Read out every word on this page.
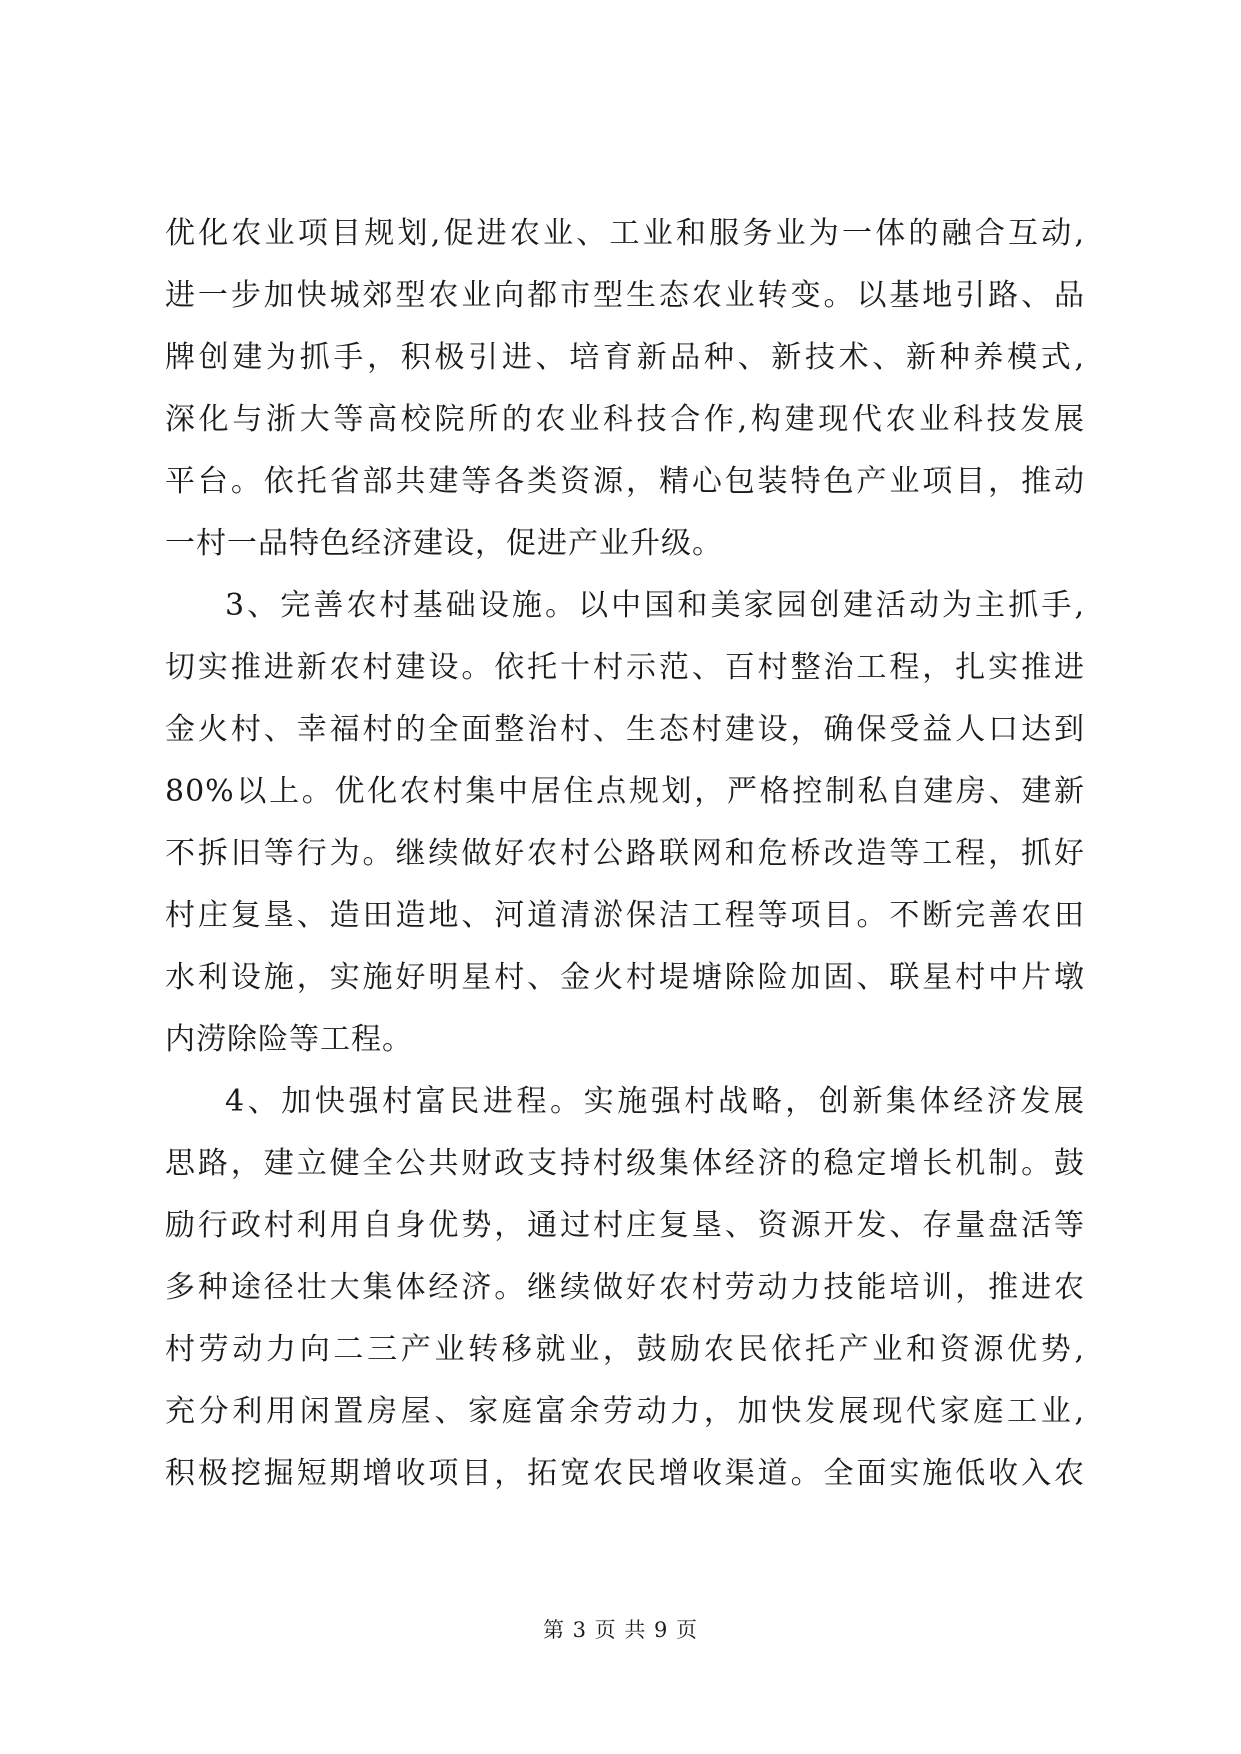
优化农业项目规划,促进农业、工业和服务业为一体的融合互动,
进一步加快城郊型农业向都市型生态农业转变。以基地引路、品
牌创建为抓手，积极引进、培育新品种、新技术、新种养模式,
深化与浙大等高校院所的农业科技合作,构建现代农业科技发展
平台。依托省部共建等各类资源，精心包装特色产业项目，推动
一村一品特色经济建设，促进产业升级。
3、完善农村基础设施。以中国和美家园创建活动为主抓手,
切实推进新农村建设。依托十村示范、百村整治工程，扎实推进
金火村、幸福村的全面整治村、生态村建设，确保受益人口达到
80%以上。优化农村集中居住点规划，严格控制私自建房、建新
不拆旧等行为。继续做好农村公路联网和危桥改造等工程，抓好
村庄复垦、造田造地、河道清淤保洁工程等项目。不断完善农田
水利设施，实施好明星村、金火村堤塘除险加固、联星村中片墩
内涝除险等工程。
4、加快强村富民进程。实施强村战略，创新集体经济发展
思路，建立健全公共财政支持村级集体经济的稳定增长机制。鼓
励行政村利用自身优势，通过村庄复垦、资源开发、存量盘活等
多种途径壮大集体经济。继续做好农村劳动力技能培训，推进农
村劳动力向二三产业转移就业，鼓励农民依托产业和资源优势,
充分利用闲置房屋、家庭富余劳动力，加快发展现代家庭工业,
积极挖掘短期增收项目，拓宽农民增收渠道。全面实施低收入农
第 3 页 共 9 页
